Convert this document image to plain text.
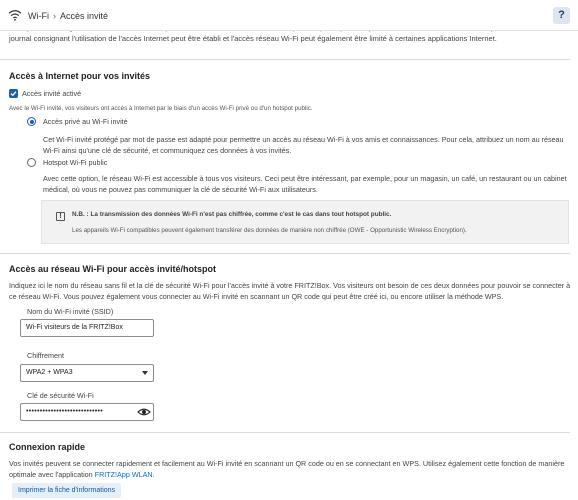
journal consignant l'utilisation de l'accès Internet peut être établi et l'accès réseau Wi-Fi peut également être limité à certaines applications Internet.
Accès à Internet pour vos invités
Accès invité activé
Avec le Wi-Fi invité, vos visiteurs ont accès à Internet par le biais d'un accès Wi-Fi privé ou d'un hotspot public.
Accès privé au Wi-Fi invité
Cet Wi-Fi invité protégé par mot de passe est adapté pour permettre un accès au réseau Wi-Fi à vos amis et connaissances. Pour cela, attribuez un nom au réseau Wi-Fi ainsi qu'une clé de sécurité, et communiquez ces données à vos invités.
Hotspot Wi-Fi public
Avec cette option, le réseau Wi-Fi est accessible à tous vos visiteurs. Ceci peut être intéressant, par exemple, pour un magasin, un café, un restaurant ou un cabinet médical, où vous ne pouvez pas communiquer la clé de sécurité Wi-Fi aux utilisateurs.
!	N.B. : La transmission des données Wi-Fi n'est pas chiffrée, comme c'est le cas dans tout hotspot public.
Les appareils Wi-Fi compatibles peuvent également transférer des données de manière non chiffrée (OWE - Opportunistic Wireless Encryption).
Accès au réseau Wi-Fi pour accès invité/hotspot
Indiquez ici le nom du réseau sans fil et la clé de sécurité Wi-Fi pour l'accès invité à votre FRITZ!Box. Vos visiteurs ont besoin de ces deux données pour pouvoir se connecter à ce réseau Wi-Fi. Vous pouvez également vous connecter au Wi-Fi invité en scannant un QR code qui peut être créé ici, ou encore utiliser la méthode WPS.
Nom du Wi-Fi invité (SSID)
Wi-Fi visiteurs de la FRITZ!Box
Chiffrement
WPA2 + WPA3
Clé de sécurité Wi-Fi
••••••••••••••••••••••••••••
Connexion rapide
Vos invités peuvent se connecter rapidement et facilement au Wi-Fi invité en scannant un QR code ou en se connectant en WPS. Utilisez également cette fonction de manière optimale avec l'application FRITZ!App WLAN.
Imprimer la fiche d'informations
Wi-Fi › Accès invité	?
